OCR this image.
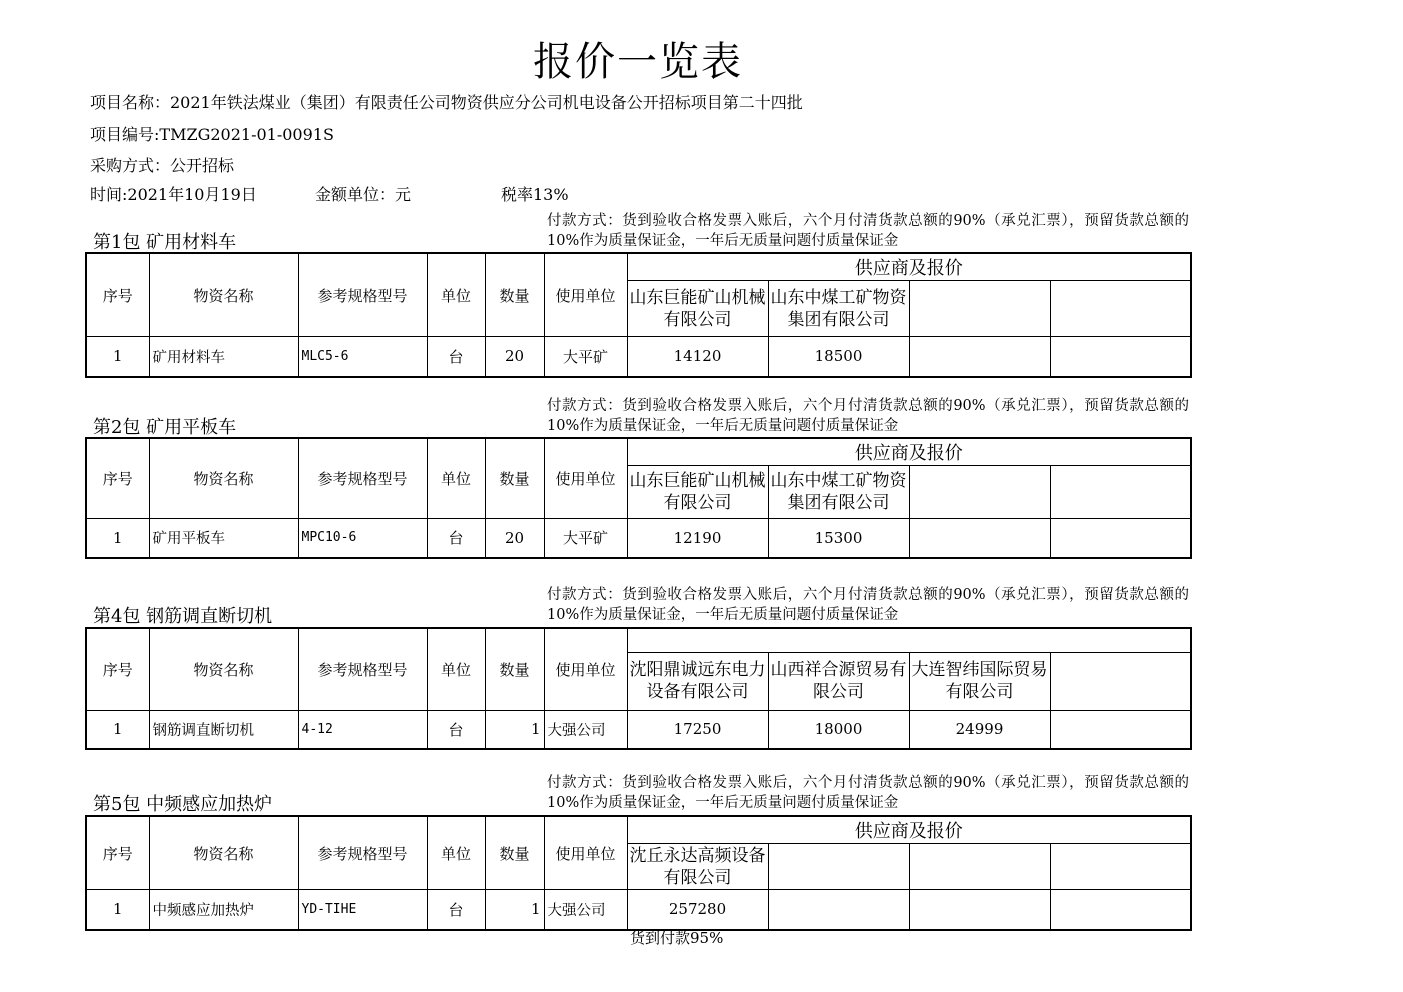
报价一览表
项目名称：2021年铁法煤业（集团）有限责任公司物资供应分公司机电设备公开招标项目第二十四批
项目编号:TMZG2021-01-0091S
采购方式：公开招标
时间:2021年10月19日	金额单位：元	税率13%
第1包 矿用材料车
付款方式：货到验收合格发票入账后，六个月付清货款总额的90%（承兑汇票），预留货款总额的10%作为质量保证金，一年后无质量问题付质量保证金
序号	物资名称	参考规格型号	单位	数量	使用单位	供应商及报价			
						山东巨能矿山机械有限公司	山东中煤工矿物资集团有限公司		
1	矿用材料车	MLC5-6	台	20	大平矿	14120	18500		
第2包 矿用平板车
付款方式：货到验收合格发票入账后，六个月付清货款总额的90%（承兑汇票），预留货款总额的10%作为质量保证金，一年后无质量问题付质量保证金
序号	物资名称	参考规格型号	单位	数量	使用单位	供应商及报价			
						山东巨能矿山机械有限公司	山东中煤工矿物资集团有限公司		
1	矿用平板车	MPC10-6	台	20	大平矿	12190	15300		
第4包 钢筋调直断切机
付款方式：货到验收合格发票入账后，六个月付清货款总额的90%（承兑汇票），预留货款总额的10%作为质量保证金，一年后无质量问题付质量保证金
序号	物资名称	参考规格型号	单位	数量	使用单位				
						沈阳鼎诚远东电力设备有限公司	山西祥合源贸易有限公司	大连智纬国际贸易有限公司	
1	钢筋调直断切机	4-12	台	1	大强公司	17250	18000	24999	
第5包 中频感应加热炉
付款方式：货到验收合格发票入账后，六个月付清货款总额的90%（承兑汇票），预留货款总额的10%作为质量保证金，一年后无质量问题付质量保证金
序号	物资名称	参考规格型号	单位	数量	使用单位	供应商及报价			
						沈丘永达高频设备有限公司			
1	中频感应加热炉	YD-TIHE	台	1	大强公司	257280			
货到付款95%
